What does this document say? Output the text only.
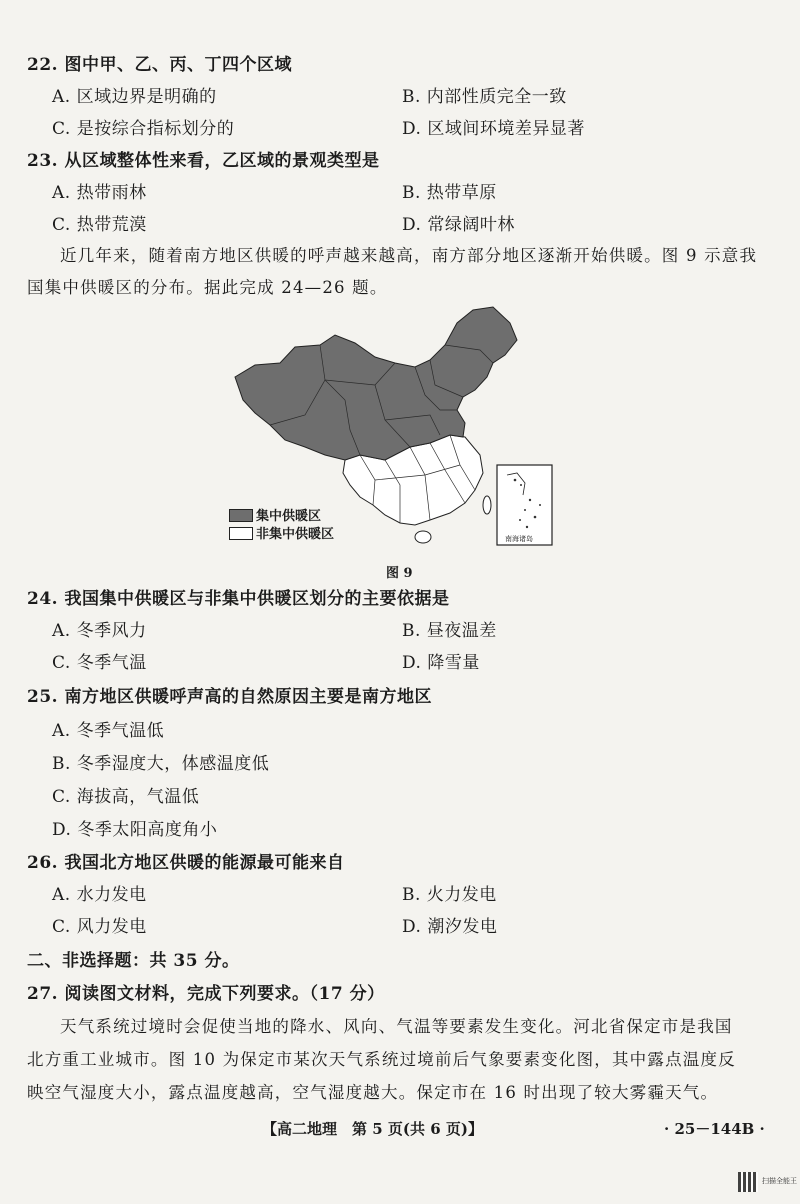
22. 图中甲、乙、丙、丁四个区域
A. 区域边界是明确的	B. 内部性质完全一致
C. 是按综合指标划分的	D. 区域间环境差异显著
23. 从区域整体性来看，乙区域的景观类型是
A. 热带雨林	B. 热带草原
C. 热带荒漠	D. 常绿阔叶林
近几年来，随着南方地区供暖的呼声越来越高，南方部分地区逐渐开始供暖。图 9 示意我
国集中供暖区的分布。据此完成 24—26 题。
南海诸岛
集中供暖区
非集中供暖区
图 9
24. 我国集中供暖区与非集中供暖区划分的主要依据是
A. 冬季风力	B. 昼夜温差
C. 冬季气温	D. 降雪量
25. 南方地区供暖呼声高的自然原因主要是南方地区
A. 冬季气温低
B. 冬季湿度大，体感温度低
C. 海拔高，气温低
D. 冬季太阳高度角小
26. 我国北方地区供暖的能源最可能来自
A. 水力发电	B. 火力发电
C. 风力发电	D. 潮汐发电
二、非选择题：共 35 分。
27. 阅读图文材料，完成下列要求。（17 分）
天气系统过境时会促使当地的降水、风向、气温等要素发生变化。河北省保定市是我国
北方重工业城市。图 10 为保定市某次天气系统过境前后气象要素变化图，其中露点温度反
映空气湿度大小，露点温度越高，空气湿度越大。保定市在 16 时出现了较大雾霾天气。
【高二地理　第 5 页(共 6 页)】	· 25－144B ·
扫描全能王
